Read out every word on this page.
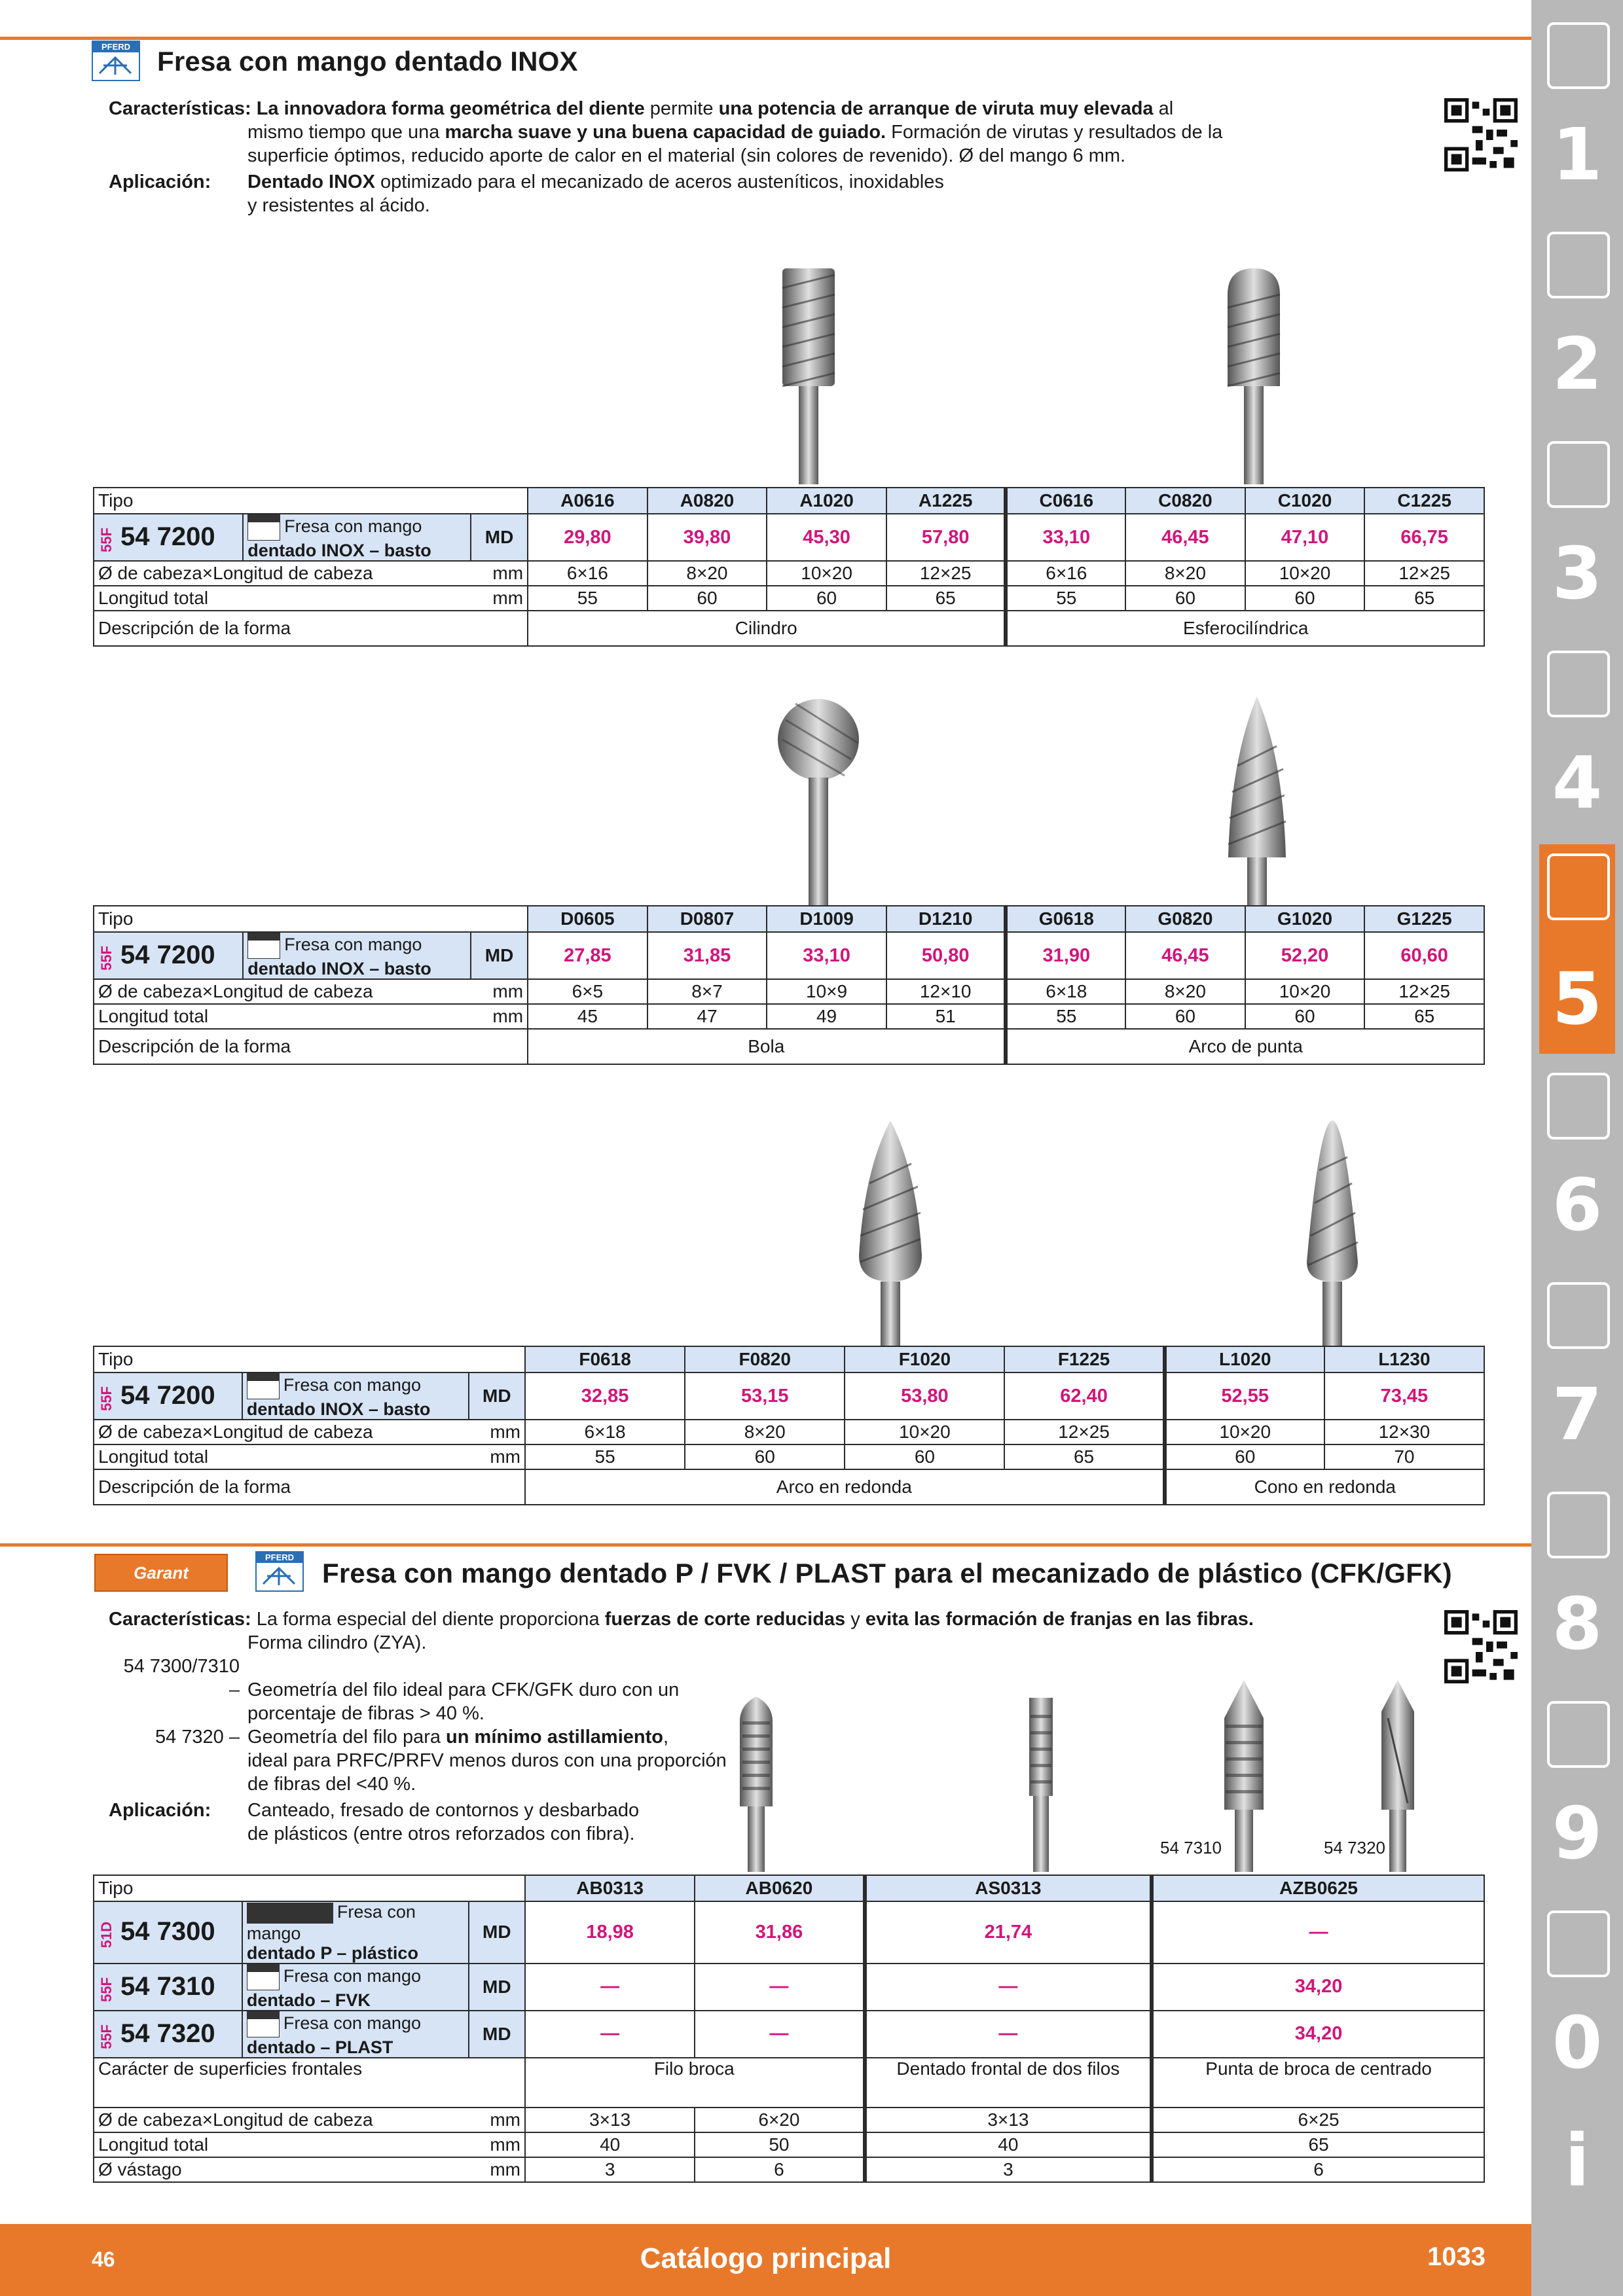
PFERD Fresa con mango dentado INOX
Características: La innovadora forma geométrica del diente permite una potencia de arranque de viruta muy elevada al
mismo tiempo que una marcha suave y una buena capacidad de guiado. Formación de virutas y resultados de la
superficie óptimos, reducido aporte de calor en el material (sin colores de revenido). Ø del mango 6 mm.
Aplicación: Dentado INOX optimizado para el mecanizado de aceros austeníticos, inoxidables
y resistentes al ácido.
Tipo			A0616	A0820	A1020	A1225	C0616	C0820	C1020	C1225
55F 54 7200	Fresa con mango
dentado INOX – basto	MD	29,80	39,80	45,30	57,80	33,10	46,45	47,10	66,75
Ø de cabeza×Longitud de cabeza		mm	6×16	8×20	10×20	12×25	6×16	8×20	10×20	12×25
Longitud total		mm	55	60	60	65	55	60	60	65
Descripción de la forma			Cilindro				Esferocilíndrica			
Tipo			D0605	D0807	D1009	D1210	G0618	G0820	G1020	G1225
55F 54 7200	Fresa con mango
dentado INOX – basto	MD	27,85	31,85	33,10	50,80	31,90	46,45	52,20	60,60
Ø de cabeza×Longitud de cabeza		mm	6×5	8×7	10×9	12×10	6×18	8×20	10×20	12×25
Longitud total		mm	45	47	49	51	55	60	60	65
Descripción de la forma			Bola				Arco de punta			
Tipo			F0618	F0820	F1020	F1225	L1020	L1230
55F 54 7200	Fresa con mango
dentado INOX – basto	MD	32,85	53,15	53,80	62,40	52,55	73,45
Ø de cabeza×Longitud de cabeza		mm	6×18	8×20	10×20	12×25	10×20	12×30
Longitud total		mm	55	60	60	65	60	70
Descripción de la forma			Arco en redonda				Cono en redonda	
Garant
PFERD
Fresa con mango dentado P / FVK / PLAST para el mecanizado de plástico (CFK/GFK)
Características: La forma especial del diente proporciona fuerzas de corte reducidas y evita las formación de franjas en las fibras.
Forma cilindro (ZYA).
54 7300/7310 – Geometría del filo ideal para CFK/GFK duro con un
porcentaje de fibras > 40 %.
54 7320 – Geometría del filo para un mínimo astillamiento,
ideal para PRFC/PRFV menos duros con una proporción
de fibras del <40 %.
Aplicación: Canteado, fresado de contornos y desbarbado
de plásticos (entre otros reforzados con fibra).
54 7310	54 7320
Tipo			AB0313	AB0620	AS0313	AZB0625
51D 54 7300	Fresa con mango
dentado P – plástico	MD	18,98	31,86	21,74	—
55F 54 7310	Fresa con mango
dentado – FVK	MD	—	—	—	34,20
55F 54 7320	Fresa con mango
dentado – PLAST	MD	—	—	—	34,20
Carácter de superficies frontales			Filo broca		Dentado frontal de dos filos	Punta de broca de centrado
Ø de cabeza×Longitud de cabeza		mm	3×13	6×20	3×13	6×25
Longitud total		mm	40	50	40	65
Ø vástago		mm	3	6	3	6
1
2
3
4
5
6
7
8
9
0
i
46	Catálogo principal	1033
